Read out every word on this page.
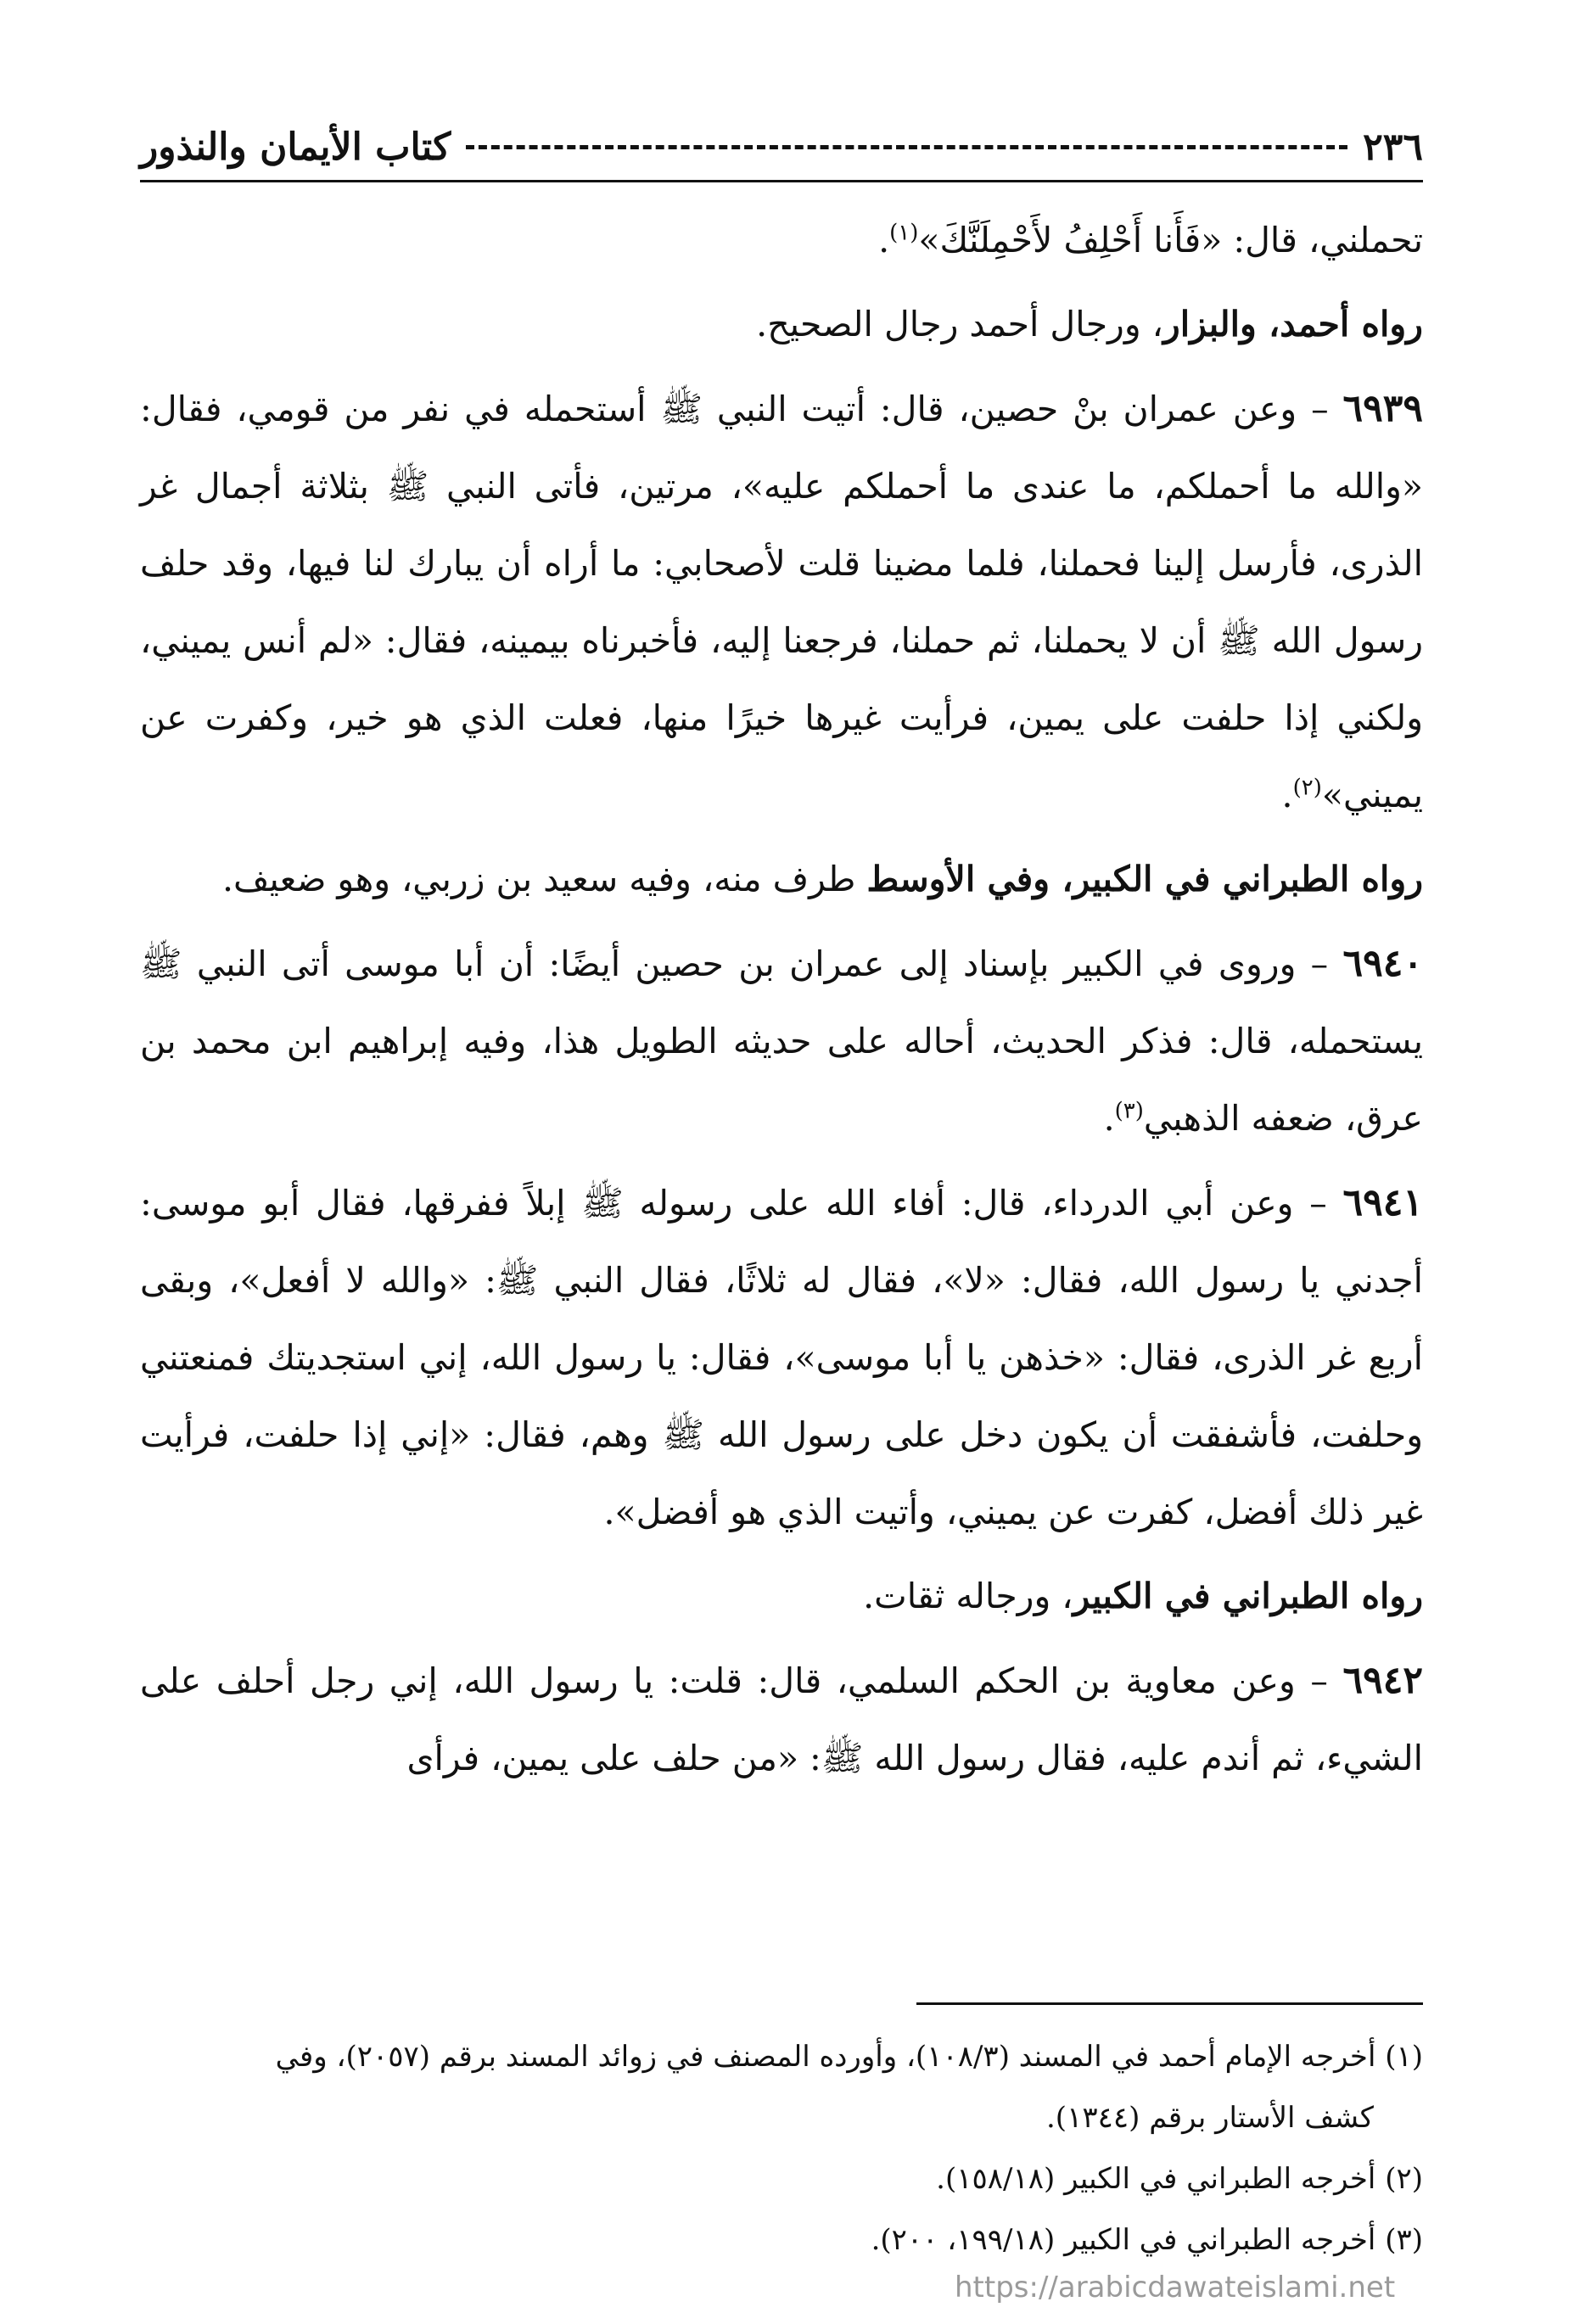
٢٣٦
كتاب الأيمان والنذور

تحملني، قال: «فَأَنا أَحْلِفُ لأَحْمِلَنَّكَ»$^{(١)}$.

رواه أحمد، والبزار، ورجال أحمد رجال الصحيح.

٦٩٣٩ – وعن عمران بنْ حصين، قال: أتيت النبي ﷺ أستحمله في نفر من قومي، فقال: «والله ما أحملكم، ما عندى ما أحملكم عليه»، مرتين، فأتى النبي ﷺ بثلاثة أجمال غر الذرى، فأرسل إلينا فحملنا، فلما مضينا قلت لأصحابي: ما أراه أن يبارك لنا فيها، وقد حلف رسول الله ﷺ أن لا يحملنا، ثم حملنا، فرجعنا إليه، فأخبرناه بيمينه، فقال: «لم أنس يميني، ولكني إذا حلفت على يمين، فرأيت غيرها خيرًا منها، فعلت الذي هو خير، وكفرت عن يميني»$^{(٢)}$.

رواه الطبراني في الكبير، وفي الأوسط طرف منه، وفيه سعيد بن زربي، وهو ضعيف.

٦٩٤٠ – وروى في الكبير بإسناد إلى عمران بن حصين أيضًا: أن أبا موسى أتى النبي ﷺ يستحمله، قال: فذكر الحديث، أحاله على حديثه الطويل هذا، وفيه إبراهيم ابن محمد بن عرق، ضعفه الذهبي$^{(٣)}$.

٦٩٤١ – وعن أبي الدرداء، قال: أفاء الله على رسوله ﷺ إبلاً ففرقها، فقال أبو موسى: أجدني يا رسول الله، فقال: «لا»، فقال له ثلاثًا، فقال النبي ﷺ: «والله لا أفعل»، وبقى أربع غر الذرى، فقال: «خذهن يا أبا موسى»، فقال: يا رسول الله، إني استجديتك فمنعتني وحلفت، فأشفقت أن يكون دخل على رسول الله ﷺ وهم، فقال: «إني إذا حلفت، فرأيت غير ذلك أفضل، كفرت عن يميني، وأتيت الذي هو أفضل».

رواه الطبراني في الكبير، ورجاله ثقات.

٦٩٤٢ – وعن معاوية بن الحكم السلمي، قال: قلت: يا رسول الله، إني رجل أحلف على الشيء، ثم أندم عليه، فقال رسول الله ﷺ: «من حلف على يمين، فرأى

(١) أخرجه الإمام أحمد في المسند (١٠٨/٣)، وأورده المصنف في زوائد المسند برقم (٢٠٥٧)، وفي

كشف الأستار برقم (١٣٤٤).

(٢) أخرجه الطبراني في الكبير (١٥٨/١٨).

(٣) أخرجه الطبراني في الكبير (١٩٩/١٨، ٢٠٠).

https://arabicdawateislami.net
